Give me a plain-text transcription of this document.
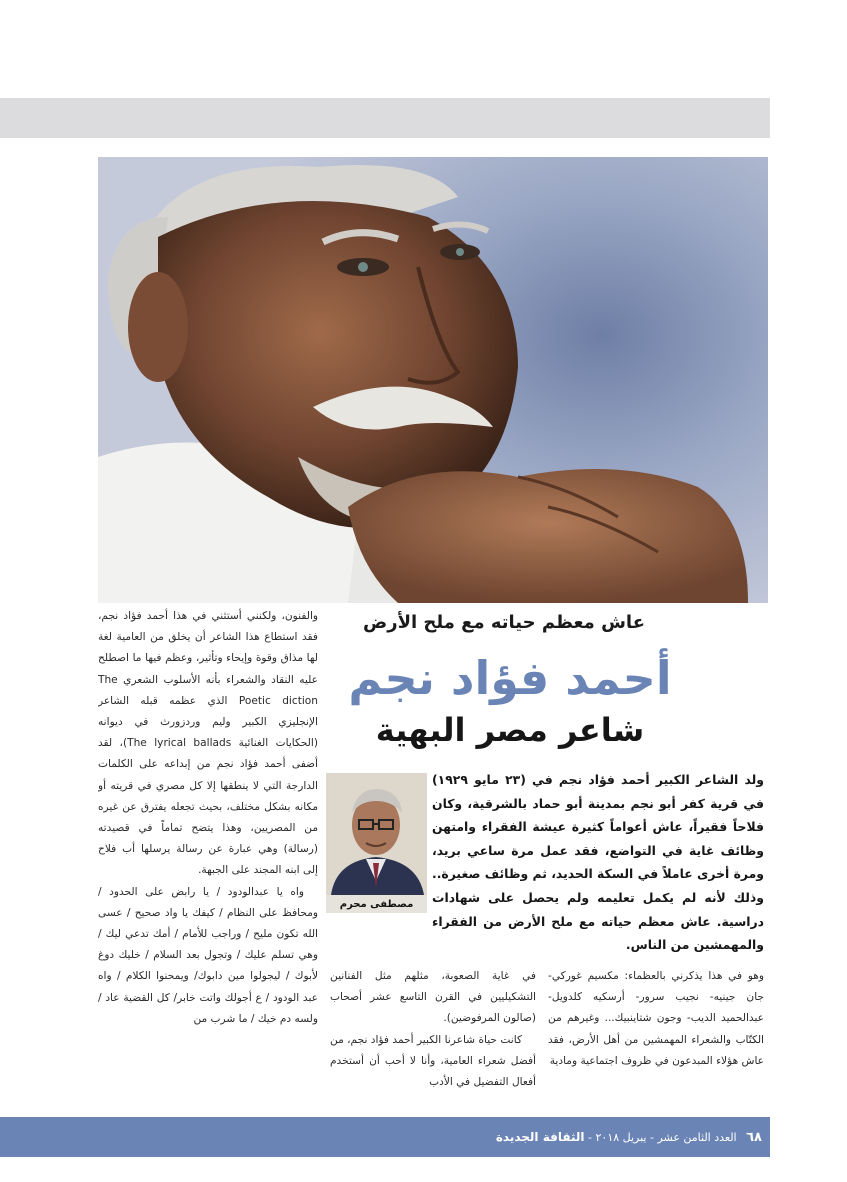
والفنون، ولكنني أستثني في هذا أحمد فؤاد نجم، فقد استطاع هذا الشاعر أن يخلق من العامية لغة لها مذاق وقوة وإيحاء وتأثير، وعظم فيها ما اصطلح عليه النقاد والشعراء بأنه الأسلوب الشعري The Poetic diction الذي عظمه قبله الشاعر الإنجليزي الكبير وليم وردزورث في ديوانه (الحكايات الغنائية The lyrical ballads)، لقد أضفى أحمد فؤاد نجم من إبداعه على الكلمات الدارجة التي لا ينطقها إلا كل مصري في قريته أو مكانه بشكل مختلف، بحيث تجعله يفترق عن غيره من المصريين، وهذا يتضح تماماً في قصيدته (رسالة) وهي عبارة عن رسالة يرسلها أب فلاح إلى ابنه المجند على الجبهة.

واه يا عبدالودود / يا رابض على الحدود / ومحافظ على النظام / كيفك يا واد صحيح / عسى الله تكون مليح / وراجب للأمام / أمك تدعي ليك / وهي تسلم عليك / وتجول بعد السلام / خليك دوغ لأبوك / ليجولوا مين دابوك/ ويمحنوا الكلام / واه عبد الودود / ع أجولك واتت خابر/ كل القضية عاد / ولسه دم خيك / ما شرب من

عاش معظم حياته مع ملح الأرض
أحمد فؤاد نجم
شاعر مصر البهية
مصطفى محرم
ولد الشاعر الكبير أحمد فؤاد نجم في (٢٣ مايو ١٩٢٩) في قرية كفر أبو نجم بمدينة أبو حماد بالشرقية، وكان فلاحاً فقيراً، عاش أعواماً كثيرة عيشة الفقراء وامتهن وظائف غاية في التواضع، فقد عمل مرة ساعي بريد، ومرة أخرى عاملاً في السكة الحديد، ثم وظائف صغيرة.. وذلك لأنه لم يكمل تعليمه ولم يحصل على شهادات دراسية. عاش معظم حياته مع ملح الأرض من الفقراء والمهمشين من الناس.

في غاية الصعوبة، مثلهم مثل الفنانين التشكيليين في القرن التاسع عشر أصحاب (صالون المرفوضين).

كانت حياة شاعرنا الكبير أحمد فؤاد نجم، من أفضل شعراء العامية، وأنا لا أحب أن أستخدم أفعال التفضيل في الأدب

وهو في هذا يذكرني بالعظماء: مكسيم غوركي- جان جينيه- نجيب سرور- أرسكيه كلدويل- عبدالحميد الديب- وجون شتاينبيك... وغيرهم من الكتّاب والشعراء المهمشين من أهل الأرض، فقد عاش هؤلاء المبدعون في ظروف اجتماعية ومادية

٦٨ العدد الثامن عشر - يبريل ٢٠١٨ - الثقافة الجديدة
